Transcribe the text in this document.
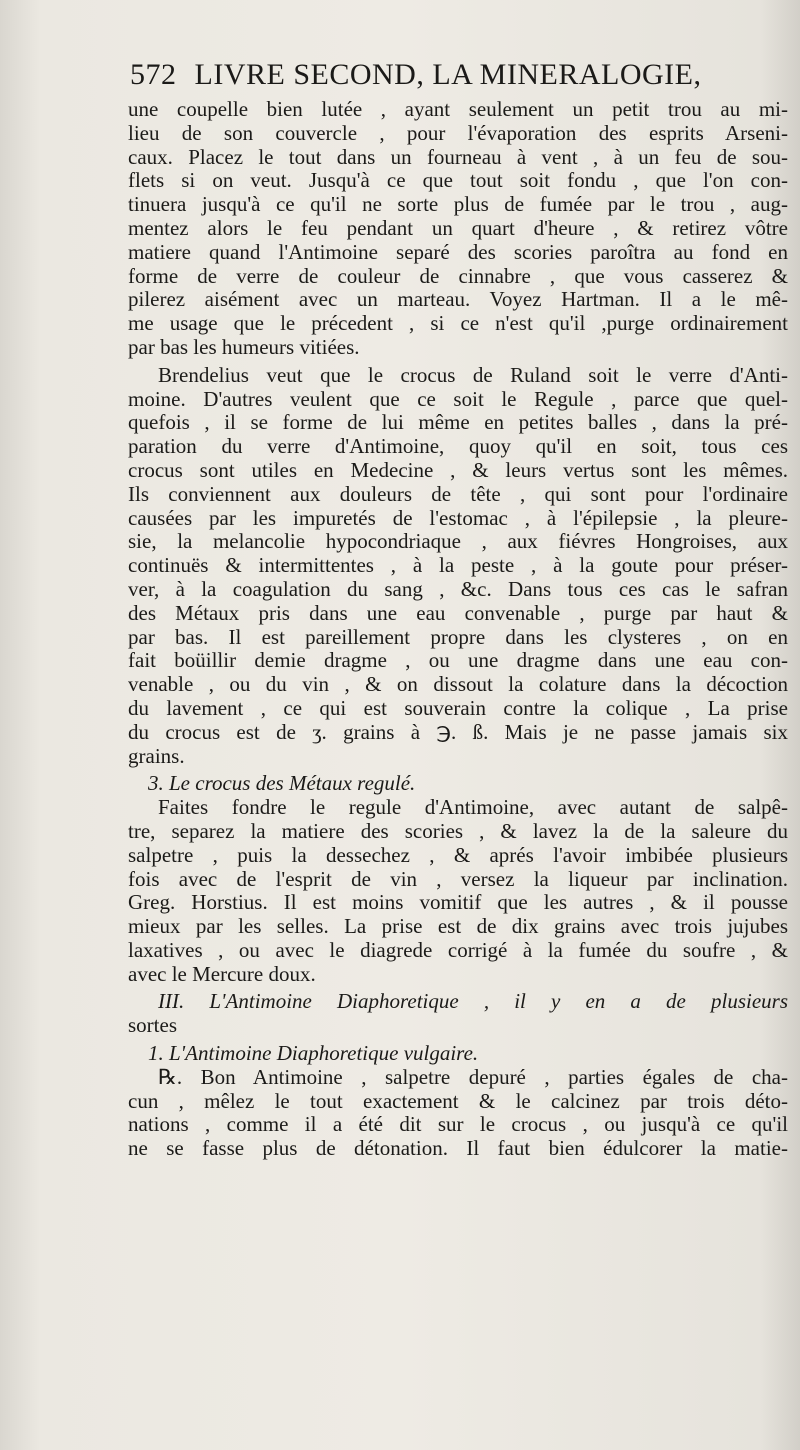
572 LIVRE SECOND, LA MINERALOGIE,
une coupelle bien lutée , ayant seulement un petit trou au mi-
lieu de son couvercle , pour l'évaporation des esprits Arseni-
caux. Placez le tout dans un fourneau à vent , à un feu de sou-
flets si on veut. Jusqu'à ce que tout soit fondu , que l'on con-
tinuera jusqu'à ce qu'il ne sorte plus de fumée par le trou , aug-
mentez alors le feu pendant un quart d'heure , & retirez vôtre
matiere quand l'Antimoine separé des scories paroîtra au fond en
forme de verre de couleur de cinnabre , que vous casserez &
pilerez aisément avec un marteau. Voyez Hartman. Il a le mê-
me usage que le précedent , si ce n'est qu'il ,purge ordinairement
par bas les humeurs vitiées.
Brendelius veut que le crocus de Ruland soit le verre d'Anti-
moine. D'autres veulent que ce soit le Regule , parce que quel-
quefois , il se forme de lui même en petites balles , dans la pré-
paration du verre d'Antimoine, quoy qu'il en soit, tous ces
crocus sont utiles en Medecine , & leurs vertus sont les mêmes.
Ils conviennent aux douleurs de tête , qui sont pour l'ordinaire
causées par les impuretés de l'estomac , à l'épilepsie , la pleure-
sie, la melancolie hypocondriaque , aux fiévres Hongroises, aux
continuës & intermittentes , à la peste , à la goute pour préser-
ver, à la coagulation du sang , &c. Dans tous ces cas le safran
des Métaux pris dans une eau convenable , purge par haut &
par bas. Il est pareillement propre dans les clysteres , on en
fait boüillir demie dragme , ou une dragme dans une eau con-
venable , ou du vin , & on dissout la colature dans la décoction
du lavement , ce qui est souverain contre la colique , La prise
du crocus est de ʒ. grains à ℈. ß. Mais je ne passe jamais six
grains.
3. Le crocus des Métaux regulé.
Faites fondre le regule d'Antimoine, avec autant de salpê-
tre, separez la matiere des scories , & lavez la de la saleure du
salpetre , puis la dessechez , & aprés l'avoir imbibée plusieurs
fois avec de l'esprit de vin , versez la liqueur par inclination.
Greg. Horstius. Il est moins vomitif que les autres , & il pousse
mieux par les selles. La prise est de dix grains avec trois jujubes
laxatives , ou avec le diagrede corrigé à la fumée du soufre , &
avec le Mercure doux.
III. L'Antimoine Diaphoretique , il y en a de plusieurs
sortes
1. L'Antimoine Diaphoretique vulgaire.
℞. Bon Antimoine , salpetre depuré , parties égales de cha-
cun , mêlez le tout exactement & le calcinez par trois déto-
nations , comme il a été dit sur le crocus , ou jusqu'à ce qu'il
ne se fasse plus de détonation. Il faut bien édulcorer la matie-
